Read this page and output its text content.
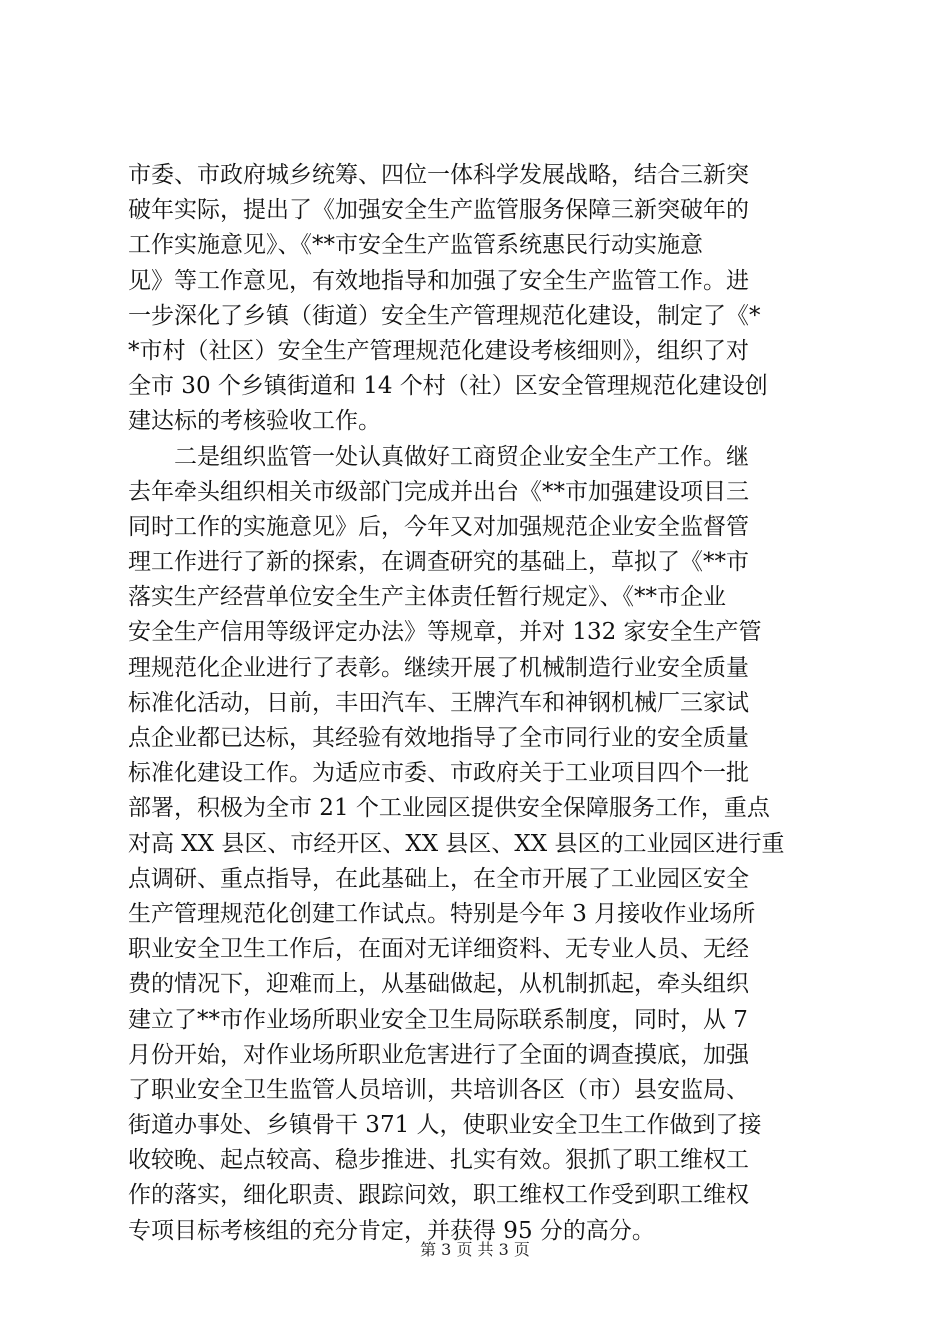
市委、市政府城乡统筹、四位一体科学发展战略，结合三新突
破年实际，提出了《加强安全生产监管服务保障三新突破年的
工作实施意见》、《**市安全生产监管系统惠民行动实施意
见》等工作意见，有效地指导和加强了安全生产监管工作。进
一步深化了乡镇（街道）安全生产管理规范化建设，制定了《*
*市村（社区）安全生产管理规范化建设考核细则》，组织了对
全市 30 个乡镇街道和 14 个村（社）区安全管理规范化建设创
建达标的考核验收工作。
二是组织监管一处认真做好工商贸企业安全生产工作。继
去年牵头组织相关市级部门完成并出台《**市加强建设项目三
同时工作的实施意见》后，今年又对加强规范企业安全监督管
理工作进行了新的探索，在调查研究的基础上，草拟了《**市
落实生产经营单位安全生产主体责任暂行规定》、《**市企业
安全生产信用等级评定办法》等规章，并对 132 家安全生产管
理规范化企业进行了表彰。继续开展了机械制造行业安全质量
标准化活动，日前，丰田汽车、王牌汽车和神钢机械厂三家试
点企业都已达标，其经验有效地指导了全市同行业的安全质量
标准化建设工作。为适应市委、市政府关于工业项目四个一批
部署，积极为全市 21 个工业园区提供安全保障服务工作，重点
对高 XX 县区、市经开区、XX 县区、XX 县区的工业园区进行重
点调研、重点指导，在此基础上，在全市开展了工业园区安全
生产管理规范化创建工作试点。特别是今年 3 月接收作业场所
职业安全卫生工作后，在面对无详细资料、无专业人员、无经
费的情况下，迎难而上，从基础做起，从机制抓起，牵头组织
建立了**市作业场所职业安全卫生局际联系制度，同时，从 7
月份开始，对作业场所职业危害进行了全面的调查摸底，加强
了职业安全卫生监管人员培训，共培训各区（市）县安监局、
街道办事处、乡镇骨干 371 人，使职业安全卫生工作做到了接
收较晚、起点较高、稳步推进、扎实有效。狠抓了职工维权工
作的落实，细化职责、跟踪问效，职工维权工作受到职工维权
专项目标考核组的充分肯定，并获得 95 分的高分。
第 3 页 共 3 页
